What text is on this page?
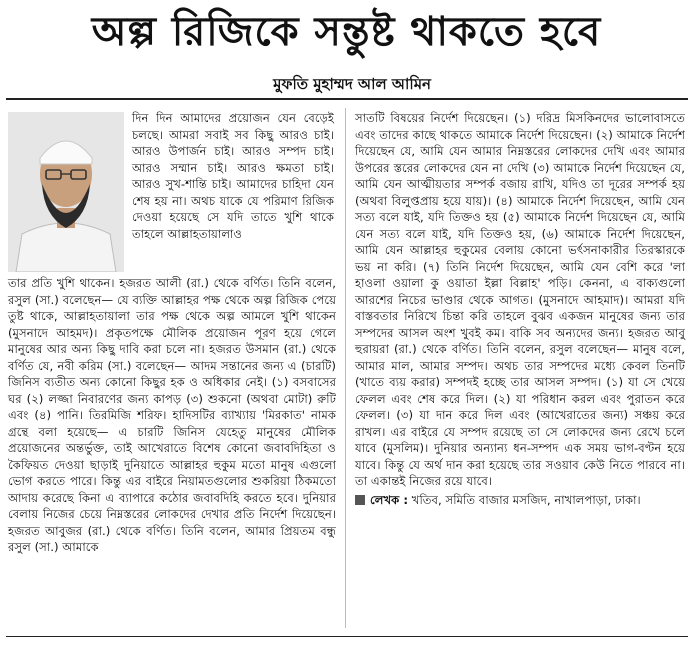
অল্প রিজিকে সন্তুষ্ট থাকতে হবে
মুফতি মুহাম্মদ আল আমিন

দিন দিন আমাদের প্রয়োজন যেন বেড়েই চলছে। আমরা সবাই সব কিছু আরও চাই। আরও উপার্জন চাই। আরও সম্পদ চাই। আরও সম্মান চাই। আরও ক্ষমতা চাই। আরও সুখ-শান্তি চাই। আমাদের চাহিদা যেন শেষ হয় না। অথচ যাকে যে পরিমাণ রিজিক দেওয়া হয়েছে সে যদি তাতে খুশি থাকে তাহলে আল্লাহতায়ালাও

তার প্রতি খুশি থাকেন। হজরত আলী (রা.) থেকে বর্ণিত। তিনি বলেন, রসুল (সা.) বলেছেন— যে ব্যক্তি আল্লাহর পক্ষ থেকে অল্প রিজিক পেয়ে তুষ্ট থাকে, আল্লাহতায়ালা তার পক্ষ থেকে অল্প আমলে খুশি থাকেন (মুসনাদে আহমদ)। প্রকৃতপক্ষে মৌলিক প্রয়োজন পূরণ হয়ে গেলে মানুষের আর অন্য কিছু দাবি করা চলে না। হজরত উসমান (রা.) থেকে বর্ণিত যে, নবী করিম (সা.) বলেছেন— আদম সন্তানের জন্য এ (চারটি) জিনিস ব্যতীত অন্য কোনো কিছুর হক ও অধিকার নেই। (১) বসবাসের ঘর (২) লজ্জা নিবারণের জন্য কাপড় (৩) শুকনো (অথবা মোটা) রুটি এবং (৪) পানি। তিরমিজি শরিফ। হাদিসটির ব্যাখ্যায় 'মিরকাত' নামক গ্রন্থে বলা হয়েছে— এ চারটি জিনিস যেহেতু মানুষের মৌলিক প্রয়োজনের অন্তর্ভুক্ত, তাই আখেরাতে বিশেষ কোনো জবাবদিহিতা ও কৈফিয়ত দেওয়া ছাড়াই দুনিয়াতে আল্লাহর হুকুম মতো মানুষ এগুলো ভোগ করতে পারে। কিন্তু এর বাইরে নিয়ামতগুলোর শুকরিয়া ঠিকমতো আদায় করেছে কিনা এ ব্যাপারে কঠোর জবাবদিহি করতে হবে। দুনিয়ার বেলায় নিজের চেয়ে নিম্নস্তরের লোকদের দেখার প্রতি নির্দেশ দিয়েছেন। হজরত আবুজর (রা.) থেকে বর্ণিত। তিনি বলেন, আমার প্রিয়তম বন্ধু রসুল (সা.) আমাকে

সাতটি বিষয়ের নির্দেশ দিয়েছেন। (১) দরিদ্র মিসকিনদের ভালোবাসতে এবং তাদের কাছে থাকতে আমাকে নির্দেশ দিয়েছেন। (২) আমাকে নির্দেশ দিয়েছেন যে, আমি যেন আমার নিম্নস্তরের লোকদের দেখি এবং আমার উপরের স্তরের লোকদের যেন না দেখি (৩) আমাকে নির্দেশ দিয়েছেন যে, আমি যেন আত্মীয়তার সম্পর্ক বজায় রাখি, যদিও তা দূরের সম্পর্ক হয় (অথবা বিলুপ্তপ্রায় হয়ে যায়)। (৪) আমাকে নির্দেশ দিয়েছেন, আমি যেন সত্য বলে যাই, যদি তিক্তও হয় (৫) আমাকে নির্দেশ দিয়েছেন যে, আমি যেন সত্য বলে যাই, যদি তিক্তও হয়, (৬) আমাকে নির্দেশ দিয়েছেন, আমি যেন আল্লাহর হুকুমের বেলায় কোনো ভর্ৎসনাকারীর তিরস্কারকে ভয় না করি। (৭) তিনি নির্দেশ দিয়েছেন, আমি যেন বেশি করে 'লা হাওলা ওয়ালা কু ওয়াতা ইল্লা বিল্লাহ' পড়ি। কেননা, এ বাক্যগুলো আরশের নিচের ভাণ্ডার থেকে আগত। (মুসনাদে আহমাদ)। আমরা যদি বাস্তবতার নিরিখে চিন্তা করি তাহলে বুঝব একজন মানুষের জন্য তার সম্পদের আসল অংশ খুবই কম। বাকি সব অন্যদের জন্য। হজরত আবু হুরায়রা (রা.) থেকে বর্ণিত। তিনি বলেন, রসুল বলেছেন— মানুষ বলে, আমার মাল, আমার সম্পদ। অথচ তার সম্পদের মধ্যে কেবল তিনটি (খাতে ব্যয় করার) সম্পদই হচ্ছে তার আসল সম্পদ। (১) যা সে খেয়ে ফেলল এবং শেষ করে দিল। (২) যা পরিধান করল এবং পুরাতন করে ফেলল। (৩) যা দান করে দিল এবং (আখেরাতের জন্য) সঞ্চয় করে রাখল। এর বাইরে যে সম্পদ রয়েছে তা সে লোকদের জন্য রেখে চলে যাবে (মুসলিম)। দুনিয়ার অন্যান্য ধন-সম্পদ এক সময় ভাগ-বণ্টন হয়ে যাবে। কিন্তু যে অর্থ দান করা হয়েছে তার সওয়াব কেউ নিতে পারবে না। তা একান্তই নিজের রয়ে যাবে।

লেখক : খতিব, সমিতি বাজার মসজিদ, নাখালপাড়া, ঢাকা।
